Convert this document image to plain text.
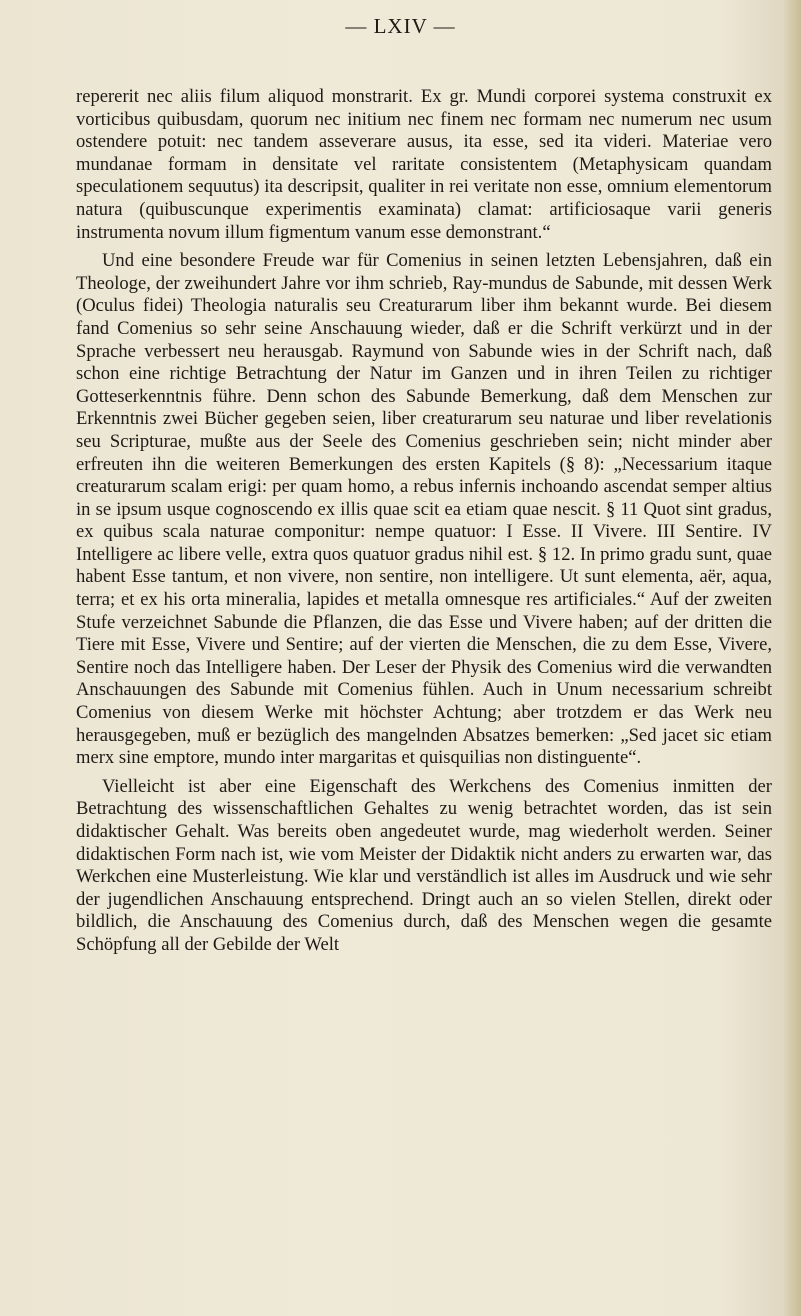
— LXIV —

repererit nec aliis filum aliquod monstrarit. Ex gr. Mundi corporei systema construxit ex vorticibus quibusdam, quorum nec initium nec finem nec formam nec numerum nec usum ostendere potuit: nec tandem asseverare ausus, ita esse, sed ita videri. Materiae vero mundanae formam in densitate vel raritate consistentem (Metaphysicam quandam speculationem sequutus) ita descripsit, qualiter in rei veritate non esse, omnium elementorum natura (quibuscunque experimentis examinata) clamat: artificiosaque varii generis instrumenta novum illum figmentum vanum esse demonstrant.“

Und eine besondere Freude war für Comenius in seinen letzten Lebensjahren, daß ein Theologe, der zweihundert Jahre vor ihm schrieb, Ray-mundus de Sabunde, mit dessen Werk (Oculus fidei) Theologia naturalis seu Creaturarum liber ihm bekannt wurde. Bei diesem fand Comenius so sehr seine Anschauung wieder, daß er die Schrift verkürzt und in der Sprache verbessert neu herausgab. Raymund von Sabunde wies in der Schrift nach, daß schon eine richtige Betrachtung der Natur im Ganzen und in ihren Teilen zu richtiger Gotteserkenntnis führe. Denn schon des Sabunde Bemerkung, daß dem Menschen zur Erkenntnis zwei Bücher gegeben seien, liber creaturarum seu naturae und liber revelationis seu Scripturae, mußte aus der Seele des Comenius geschrieben sein; nicht minder aber erfreuten ihn die weiteren Bemerkungen des ersten Kapitels (§ 8): „Necessarium itaque creaturarum scalam erigi: per quam homo, a rebus infernis inchoando ascendat semper altius in se ipsum usque cognoscendo ex illis quae scit ea etiam quae nescit. § 11 Quot sint gradus, ex quibus scala naturae componitur: nempe quatuor: I Esse. II Vivere. III Sentire. IV Intelligere ac libere velle, extra quos quatuor gradus nihil est. § 12. In primo gradu sunt, quae habent Esse tantum, et non vivere, non sentire, non intelligere. Ut sunt elementa, aër, aqua, terra; et ex his orta mineralia, lapides et metalla omnesque res artificiales.“ Auf der zweiten Stufe verzeichnet Sabunde die Pflanzen, die das Esse und Vivere haben; auf der dritten die Tiere mit Esse, Vivere und Sentire; auf der vierten die Menschen, die zu dem Esse, Vivere, Sentire noch das Intelligere haben. Der Leser der Physik des Comenius wird die verwandten Anschauungen des Sabunde mit Comenius fühlen. Auch in Unum necessarium schreibt Comenius von diesem Werke mit höchster Achtung; aber trotzdem er das Werk neu herausgegeben, muß er bezüglich des mangelnden Absatzes bemerken: „Sed jacet sic etiam merx sine emptore, mundo inter margaritas et quisquilias non distinguente“.

Vielleicht ist aber eine Eigenschaft des Werkchens des Comenius inmitten der Betrachtung des wissenschaftlichen Gehaltes zu wenig betrachtet worden, das ist sein didaktischer Gehalt. Was bereits oben angedeutet wurde, mag wiederholt werden. Seiner didaktischen Form nach ist, wie vom Meister der Didaktik nicht anders zu erwarten war, das Werkchen eine Musterleistung. Wie klar und verständlich ist alles im Ausdruck und wie sehr der jugendlichen Anschauung entsprechend. Dringt auch an so vielen Stellen, direkt oder bildlich, die Anschauung des Comenius durch, daß des Menschen wegen die gesamte Schöpfung all der Gebilde der Welt
